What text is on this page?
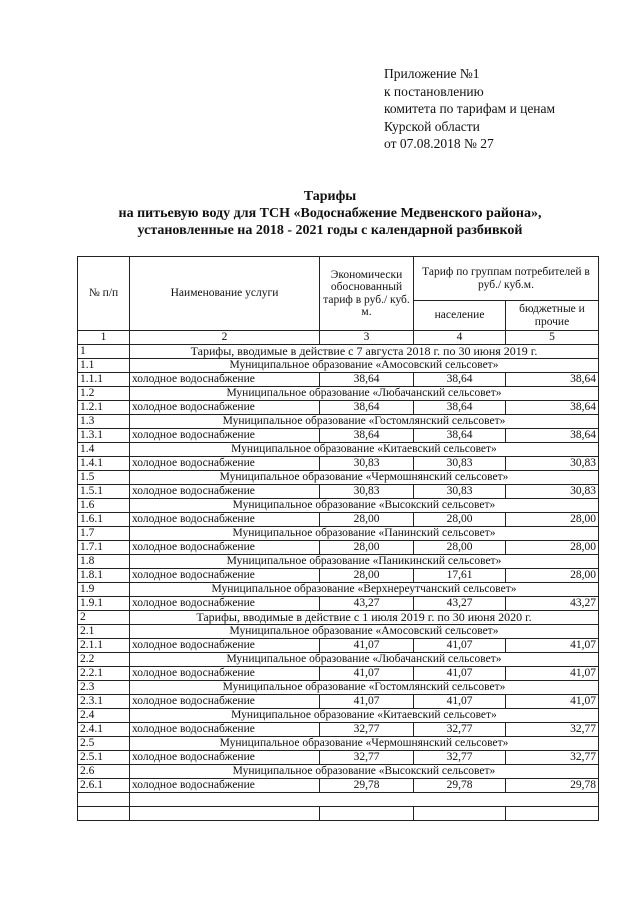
Приложение №1
к постановлению
комитета по тарифам и ценам
Курской области
от 07.08.2018 № 27
Тарифы
на питьевую воду для ТСН «Водоснабжение Медвенского района»,
установленные на 2018 - 2021 годы с календарной разбивкой
№ п/п	Наименование услуги	Экономически обоснованный тариф в руб./ куб. м.	Тариф по группам потребителей в руб./ куб.м.	
			население	бюджетные и прочие
1	2	3	4	5
1	Тарифы, вводимые в действие с 7 августа 2018 г. по 30 июня 2019 г.			
1.1	Муниципальное образование «Амосовский сельсовет»			
1.1.1	холодное водоснабжение	38,64	38,64	38,64
1.2	Муниципальное образование «Любачанский сельсовет»			
1.2.1	холодное водоснабжение	38,64	38,64	38,64
1.3	Муниципальное образование «Гостомлянский сельсовет»			
1.3.1	холодное водоснабжение	38,64	38,64	38,64
1.4	Муниципальное образование «Китаевский сельсовет»			
1.4.1	холодное водоснабжение	30,83	30,83	30,83
1.5	Муниципальное образование «Чермошнянский сельсовет»			
1.5.1	холодное водоснабжение	30,83	30,83	30,83
1.6	Муниципальное образование «Высокский сельсовет»			
1.6.1	холодное водоснабжение	28,00	28,00	28,00
1.7	Муниципальное образование «Панинский сельсовет»			
1.7.1	холодное водоснабжение	28,00	28,00	28,00
1.8	Муниципальное образование «Паникинский сельсовет»			
1.8.1	холодное водоснабжение	28,00	17,61	28,00
1.9	Муниципальное образование «Верхнереутчанский сельсовет»			
1.9.1	холодное водоснабжение	43,27	43,27	43,27
2	Тарифы, вводимые в действие с 1 июля 2019 г. по 30 июня 2020 г.			
2.1	Муниципальное образование «Амосовский сельсовет»			
2.1.1	холодное водоснабжение	41,07	41,07	41,07
2.2	Муниципальное образование «Любачанский сельсовет»			
2.2.1	холодное водоснабжение	41,07	41,07	41,07
2.3	Муниципальное образование «Гостомлянский сельсовет»			
2.3.1	холодное водоснабжение	41,07	41,07	41,07
2.4	Муниципальное образование «Китаевский сельсовет»			
2.4.1	холодное водоснабжение	32,77	32,77	32,77
2.5	Муниципальное образование «Чермошнянский сельсовет»			
2.5.1	холодное водоснабжение	32,77	32,77	32,77
2.6	Муниципальное образование «Высокский сельсовет»			
2.6.1	холодное водоснабжение	29,78	29,78	29,78
